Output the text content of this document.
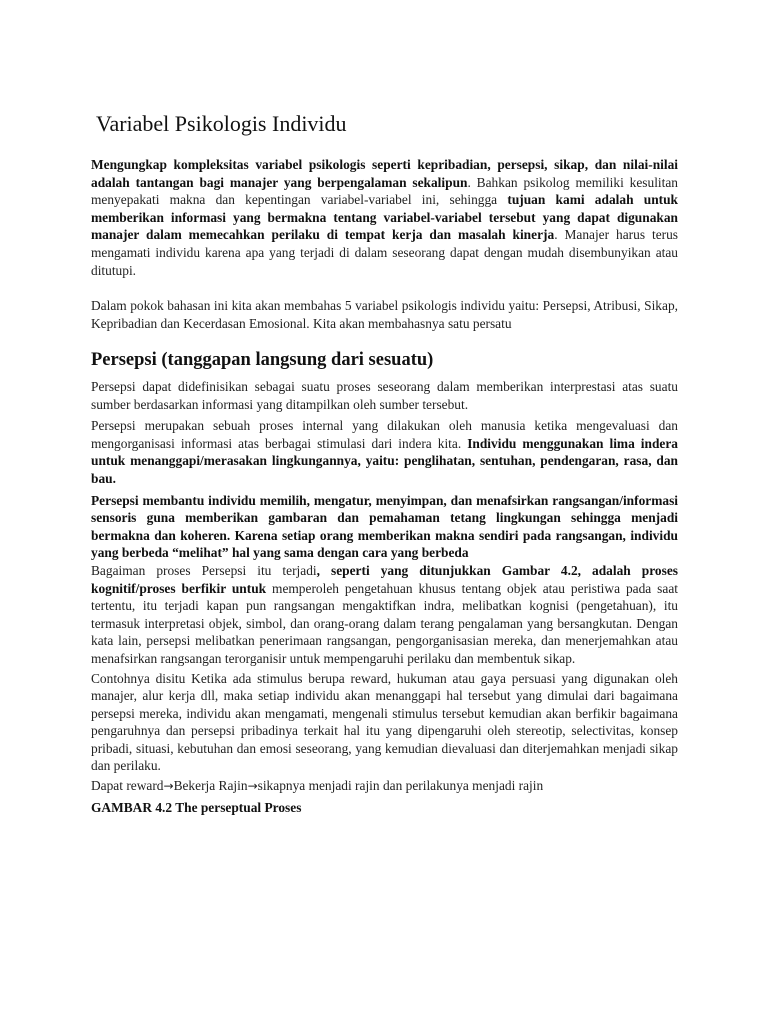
Variabel Psikologis Individu

Mengungkap kompleksitas variabel psikologis seperti kepribadian, persepsi, sikap, dan nilai-nilai adalah tantangan bagi manajer yang berpengalaman sekalipun. Bahkan psikolog memiliki kesulitan menyepakati makna dan kepentingan variabel-variabel ini, sehingga tujuan kami adalah untuk memberikan informasi yang bermakna tentang variabel-variabel tersebut yang dapat digunakan manajer dalam memecahkan perilaku di tempat kerja dan masalah kinerja. Manajer harus terus mengamati individu karena apa yang terjadi di dalam seseorang dapat dengan mudah disembunyikan atau ditutupi.

Dalam pokok bahasan ini kita akan membahas 5 variabel psikologis individu yaitu: Persepsi, Atribusi, Sikap, Kepribadian dan Kecerdasan Emosional. Kita akan membahasnya satu persatu

Persepsi (tanggapan langsung dari sesuatu)

Persepsi dapat didefinisikan sebagai suatu proses seseorang dalam memberikan interprestasi atas suatu sumber berdasarkan informasi yang ditampilkan oleh sumber tersebut.

Persepsi merupakan sebuah proses internal yang dilakukan oleh manusia ketika mengevaluasi dan mengorganisasi informasi atas berbagai stimulasi dari indera kita. Individu menggunakan lima indera untuk menanggapi/merasakan lingkungannya, yaitu: penglihatan, sentuhan, pendengaran, rasa, dan bau.

Persepsi membantu individu memilih, mengatur, menyimpan, dan menafsirkan rangsangan/informasi sensoris guna memberikan gambaran dan pemahaman tetang lingkungan sehingga menjadi bermakna dan koheren. Karena setiap orang memberikan makna sendiri pada rangsangan, individu yang berbeda “melihat” hal yang sama dengan cara yang berbeda

Bagaiman proses Persepsi itu terjadi, seperti yang ditunjukkan Gambar 4.2, adalah proses kognitif/proses berfikir untuk memperoleh pengetahuan khusus tentang objek atau peristiwa pada saat tertentu, itu terjadi kapan pun rangsangan mengaktifkan indra, melibatkan kognisi (pengetahuan), itu termasuk interpretasi objek, simbol, dan orang-orang dalam terang pengalaman yang bersangkutan. Dengan kata lain, persepsi melibatkan penerimaan rangsangan, pengorganisasian mereka, dan menerjemahkan atau menafsirkan rangsangan terorganisir untuk mempengaruhi perilaku dan membentuk sikap.

Contohnya disitu Ketika ada stimulus berupa reward, hukuman atau gaya persuasi yang digunakan oleh manajer, alur kerja dll, maka setiap individu akan menanggapi hal tersebut yang dimulai dari bagaimana persepsi mereka, individu akan mengamati, mengenali stimulus tersebut kemudian akan berfikir bagaimana pengaruhnya dan persepsi pribadinya terkait hal itu yang dipengaruhi oleh stereotip, selectivitas, konsep pribadi, situasi, kebutuhan dan emosi seseorang, yang kemudian dievaluasi dan diterjemahkan menjadi sikap dan perilaku.

Dapat reward→Bekerja Rajin→sikapnya menjadi rajin dan perilakunya menjadi rajin

GAMBAR 4.2 The perseptual Proses
